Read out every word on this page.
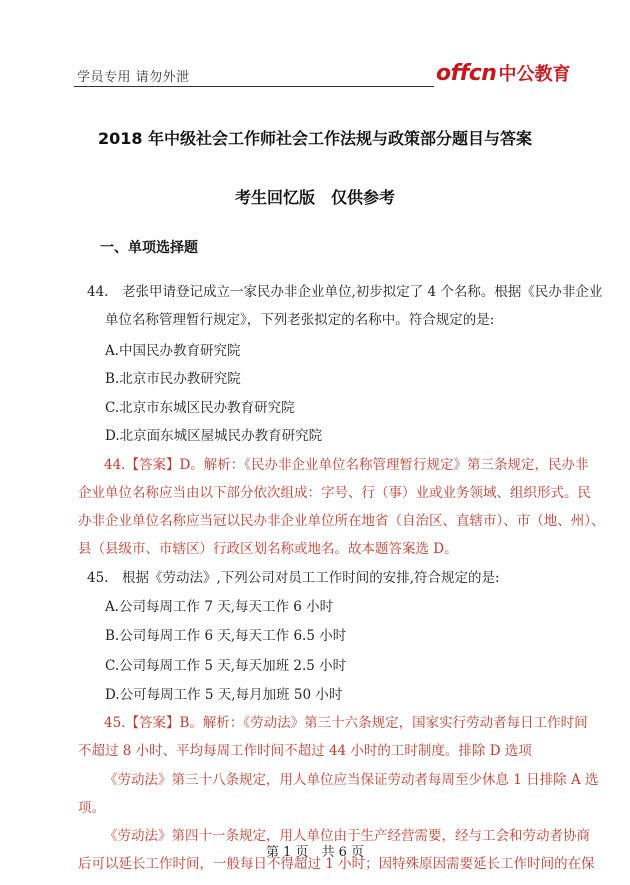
学员专用 请勿外泄	offcn 中公教育
2018 年中级社会工作师社会工作法规与政策部分题目与答案
考生回忆版　仅供参考
一、单项选择题
44.　老张甲请登记成立一家民办非企业单位,初步拟定了 4 个名称。根据《民办非企业
单位名称管理暂行规定》，下列老张拟定的名称中。符合规定的是:
A.中国民办教育研究院
B.北京市民办教研究院
C.北京市东城区民办教育研究院
D.北京面东城区屋城民办教育研究院
44.【答案】D。解析：《民办非企业单位名称管理暂行规定》第三条规定，民办非
企业单位名称应当由以下部分依次组成：字号、行（事）业或业务领域、组织形式。民
办非企业单位名称应当冠以民办非企业单位所在地省（自治区、直辖市）、市（地、州）、
县（县级市、市辖区）行政区划名称或地名。故本题答案选 D。
45.　根据《劳动法》,下列公司对员工工作时间的安排,符合规定的是:
A.公司每周工作 7 天,每天工作 6 小时
B.公司每周工作 6 天,每天工作 6.5 小时
C.公司每周工作 5 天,每天加班 2.5 小时
D.公可每周工作 5 天,每月加班 50 小时
45.【答案】B。解析：《劳动法》第三十六条规定，国家实行劳动者每日工作时间
不超过 8 小时、平均每周工作时间不超过 44 小时的工时制度。排除 D 选项
《劳动法》第三十八条规定，用人单位应当保证劳动者每周至少休息 1 日排除 A 选
项。
《劳动法》第四十一条规定，用人单位由于生产经营需要，经与工会和劳动者协商
后可以延长工作时间，一般每日不得超过 1 小时；因特殊原因需要延长工作时间的在保
第 1 页　共 6 页
